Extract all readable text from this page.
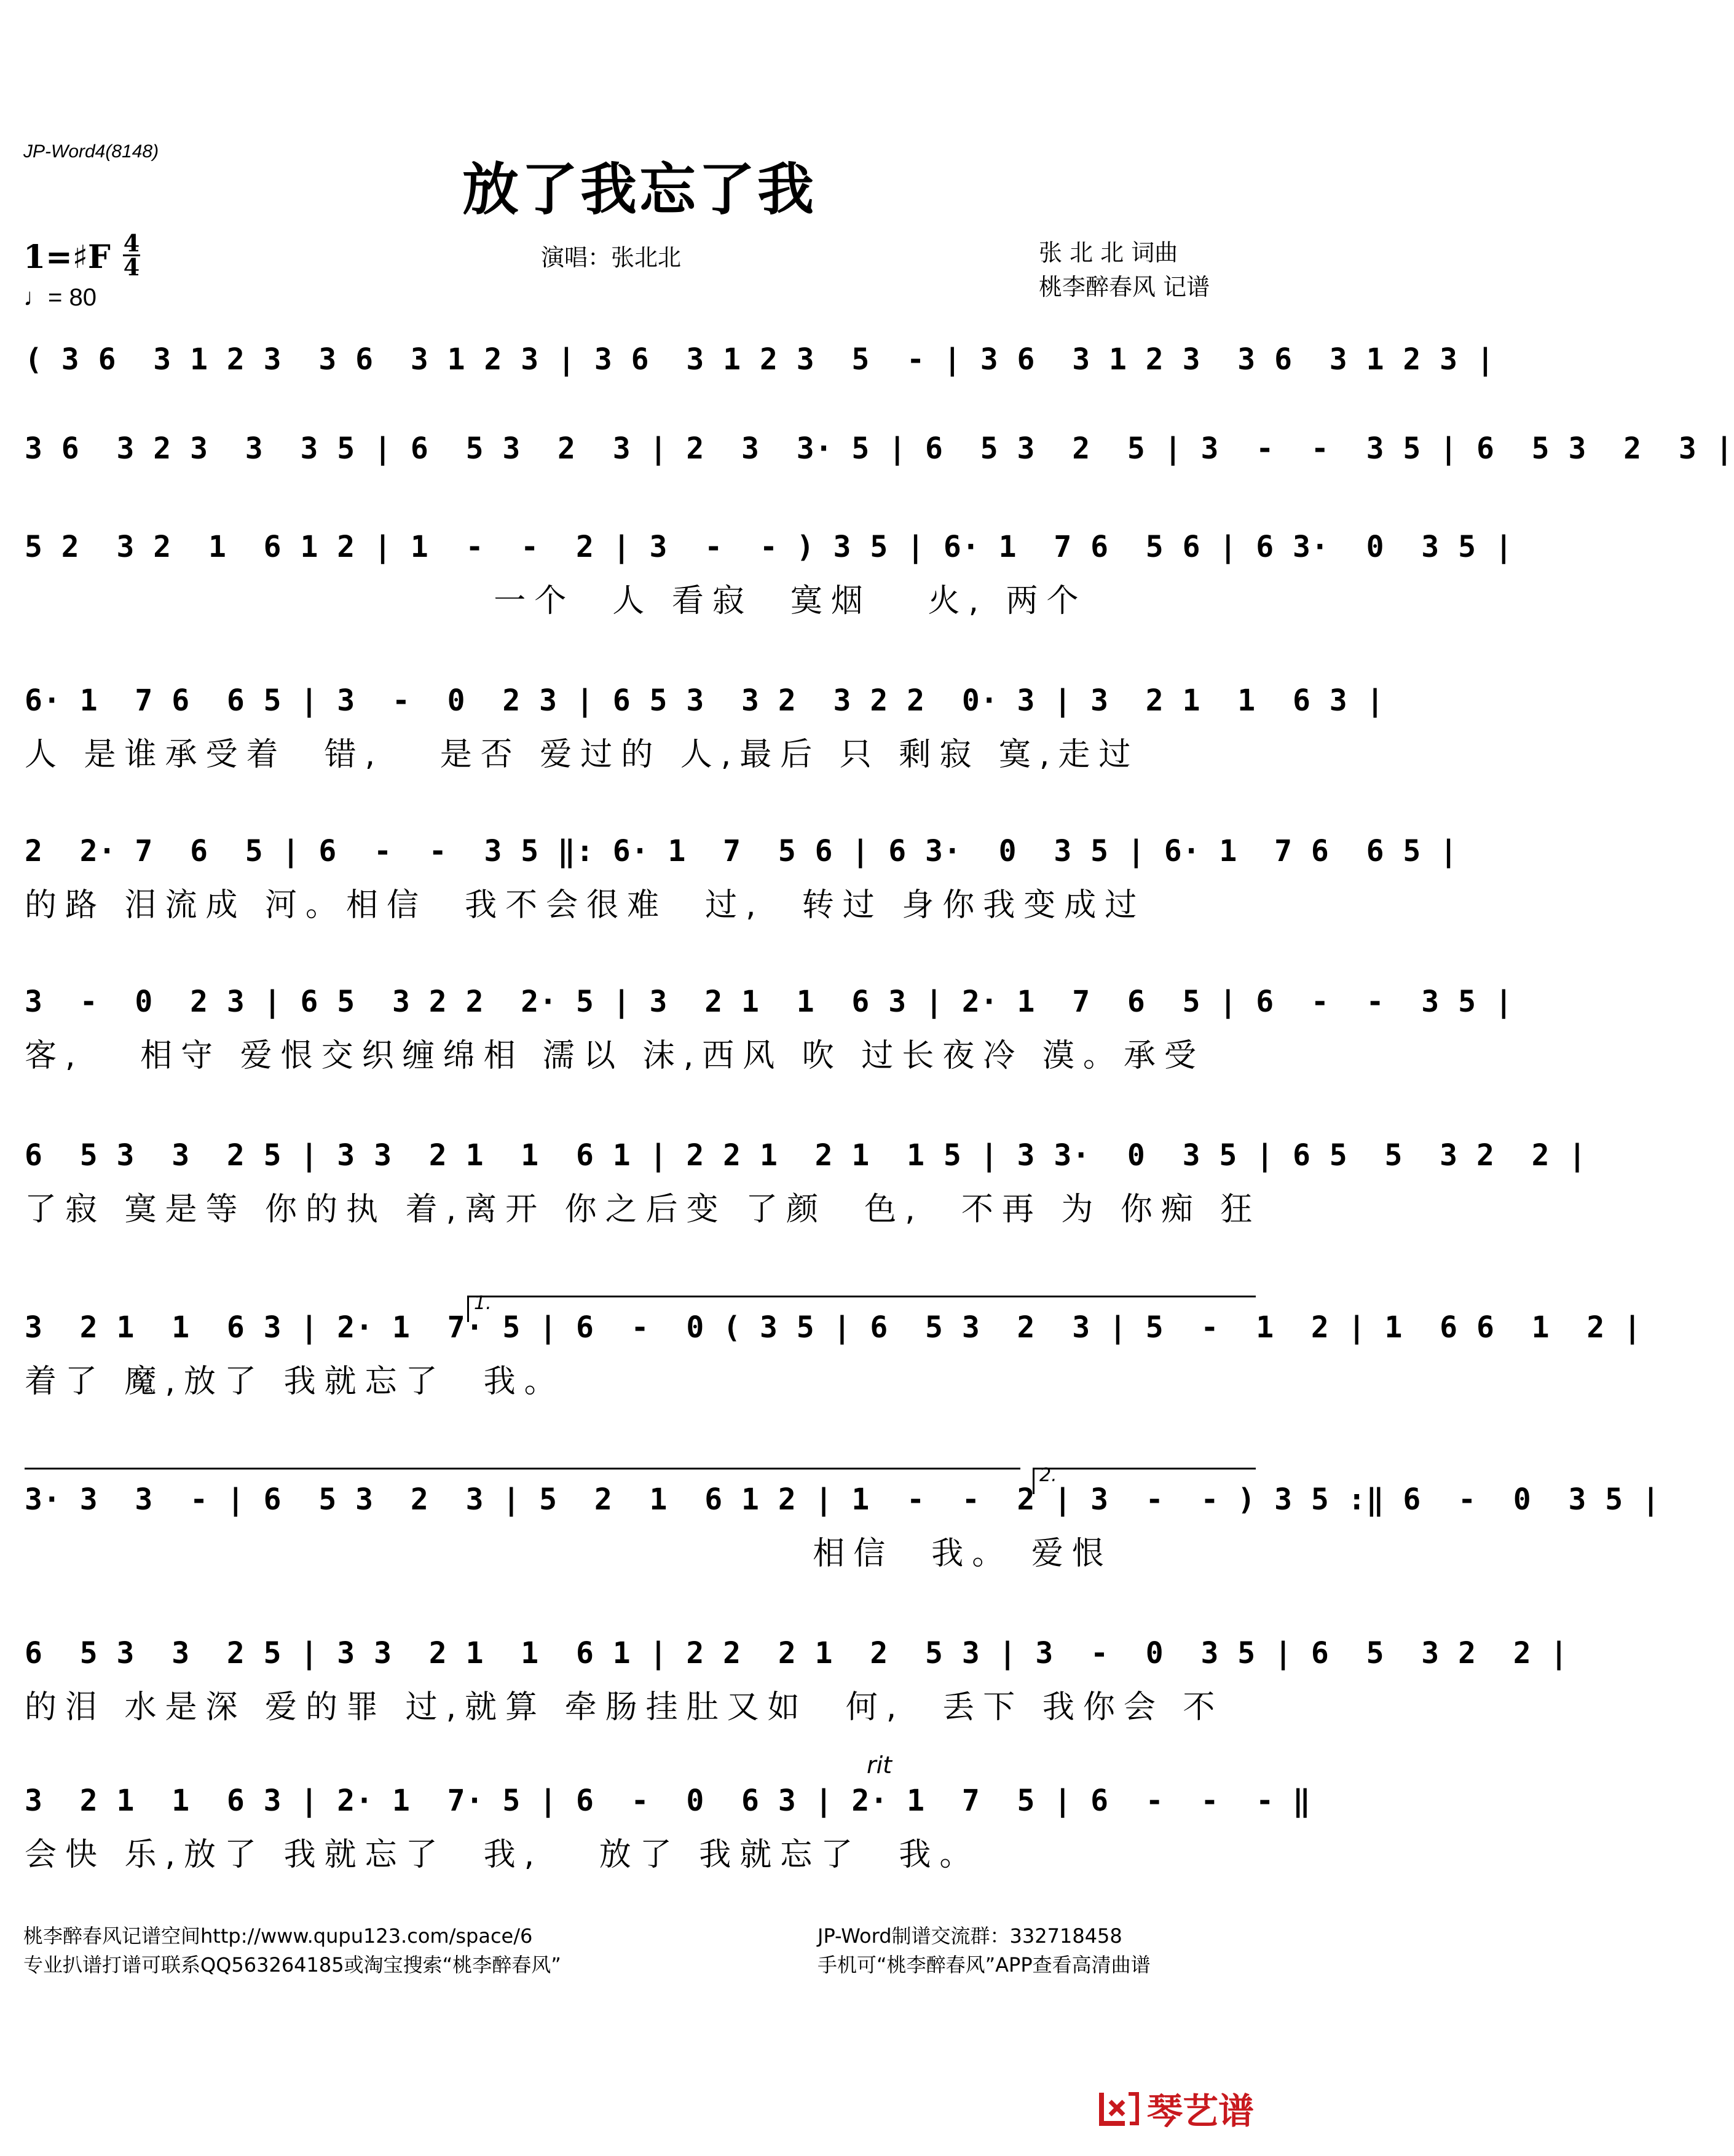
JP-Word4(8148)
放了我忘了我
1=♯F 4
4
♩= 80
演唱：张北北	张 北 北 词曲
桃李醉春风 记谱
( 3 6  3 1 2 3  3 6  3 1 2 3 | 3 6  3 1 2 3  5  - | 3 6  3 1 2 3  3 6  3 1 2 3 |
3 6  3 2 3  3  3 5 | 6  5 3  2  3 | 2  3  3· 5 | 6  5 3  2  5 | 3  -  -  3 5 | 6  5 3  2  3 |
5 2  3 2  1  6 1 2 | 1  -  -  2 | 3  -  - ) 3 5 | 6· 1  7 6  5 6 | 6 3·  0  3 5 |
一个  人 看寂  寞烟   火, 两个
6· 1  7 6  6 5 | 3  -  0  2 3 | 6 5 3  3 2  3 2 2  0· 3 | 3  2 1  1  6 3 |
人 是谁承受着  错,   是否 爱过的 人,最后 只 剩寂 寞,走过
2  2· 7  6  5 | 6  -  -  3 5 ‖: 6· 1  7  5 6 | 6 3·  0  3 5 | 6· 1  7 6  6 5 |
的路 泪流成 河。相信  我不会很难  过,  转过 身你我变成过
3  -  0  2 3 | 6 5  3 2 2  2· 5 | 3  2 1  1  6 3 | 2· 1  7  6  5 | 6  -  -  3 5 |
客,   相守 爱恨交织缠绵相 濡以 沫,西风 吹 过长夜冷 漠。承受
6  5 3  3  2 5 | 3 3  2 1  1  6 1 | 2 2 1  2 1  1 5 | 3 3·  0  3 5 | 6 5  5  3 2  2 |
了寂 寞是等 你的执 着,离开 你之后变 了颜  色,  不再 为 你痴 狂
1.
3  2 1  1  6 3 | 2· 1  7· 5 | 6  -  0 ( 3 5 | 6  5 3  2  3 | 5  -  1  2 | 1  6 6  1  2 |
着了 魔,放了 我就忘了  我。
2.
3· 3  3  - | 6  5 3  2  3 | 5  2  1  6 1 2 | 1  -  -  2 | 3  -  - ) 3 5 :‖ 6  -  0  3 5 |
相信  我。 爱恨
6  5 3  3  2 5 | 3 3  2 1  1  6 1 | 2 2  2 1  2  5 3 | 3  -  0  3 5 | 6  5  3 2  2 |
的泪 水是深 爱的罪 过,就算 牵肠挂肚又如  何,  丢下 我你会 不
rit
3  2 1  1  6 3 | 2· 1  7· 5 | 6  -  0  6 3 | 2· 1  7  5 | 6  -  -  - ‖
会快 乐,放了 我就忘了  我,   放了 我就忘了  我。
桃李醉春风记谱空间http://www.qupu123.com/space/6
专业扒谱打谱可联系QQ563264185或淘宝搜索“桃李醉春风”
JP-Word制谱交流群：332718458
手机可“桃李醉春风”APP查看高清曲谱
琴艺谱
